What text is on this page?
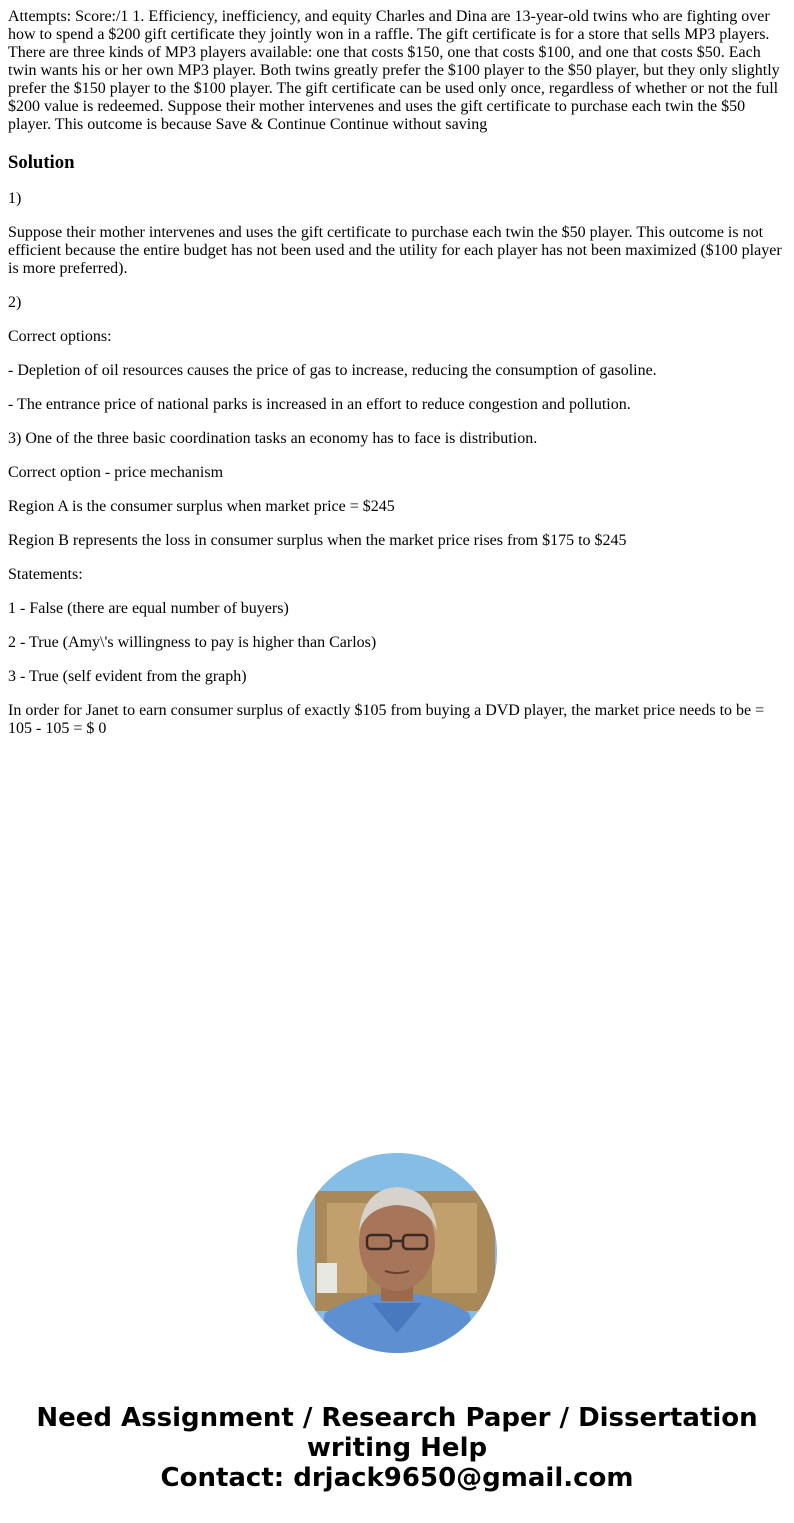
Attempts: Score:/1 1. Efficiency, inefficiency, and equity Charles and Dina are 13-year-old twins who are fighting over how to spend a $200 gift certificate they jointly won in a raffle. The gift certificate is for a store that sells MP3 players. There are three kinds of MP3 players available: one that costs $150, one that costs $100, and one that costs $50. Each twin wants his or her own MP3 player. Both twins greatly prefer the $100 player to the $50 player, but they only slightly prefer the $150 player to the $100 player. The gift certificate can be used only once, regardless of whether or not the full $200 value is redeemed. Suppose their mother intervenes and uses the gift certificate to purchase each twin the $50 player. This outcome is because Save & Continue Continue without saving
Solution

1)

Suppose their mother intervenes and uses the gift certificate to purchase each twin the $50 player. This outcome is not efficient because the entire budget has not been used and the utility for each player has not been maximized ($100 player is more preferred).

2)

Correct options:

- Depletion of oil resources causes the price of gas to increase, reducing the consumption of gasoline.

- The entrance price of national parks is increased in an effort to reduce congestion and pollution.

3) One of the three basic coordination tasks an economy has to face is distribution.

Correct option - price mechanism

Region A is the consumer surplus when market price = $245

Region B represents the loss in consumer surplus when the market price rises from $175 to $245

Statements:

1 - False (there are equal number of buyers)

2 - True (Amy\'s willingness to pay is higher than Carlos)

3 - True (self evident from the graph)

In order for Janet to earn consumer surplus of exactly $105 from buying a DVD player, the market price needs to be = 105 - 105 = $ 0

Need Assignment / Research Paper / Dissertation
writing Help
Contact: drjack9650@gmail.com
